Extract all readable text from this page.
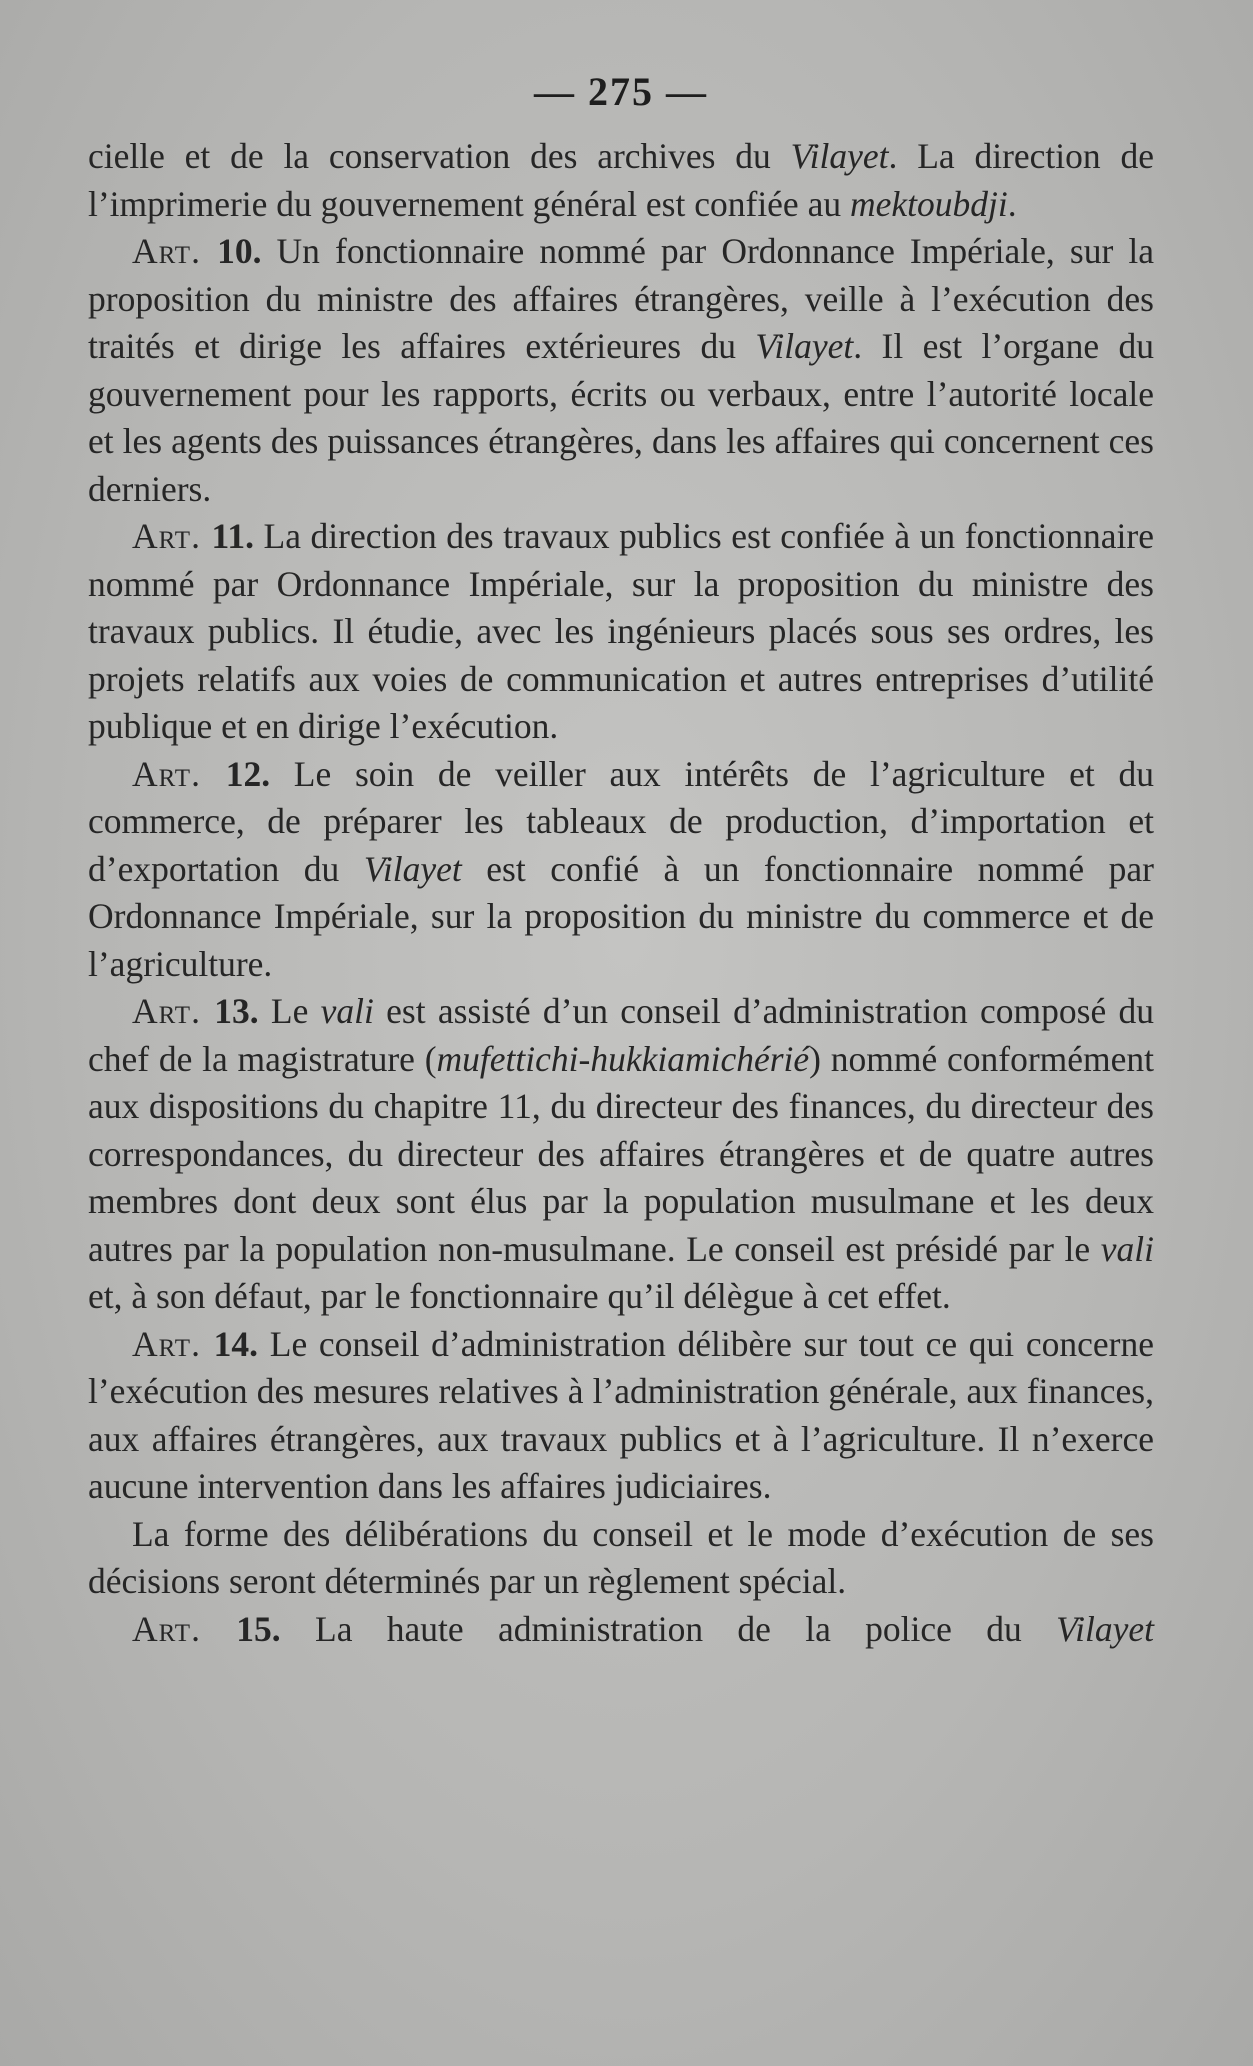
— 275 —

cielle et de la conservation des archives du Vilayet. La direction de l’imprimerie du gouvernement général est confiée au mektoubdji.

Art. 10. Un fonctionnaire nommé par Ordonnance Impériale, sur la proposition du ministre des affaires étrangères, veille à l’exécution des traités et dirige les affaires extérieures du Vilayet. Il est l’organe du gouvernement pour les rapports, écrits ou verbaux, entre l’autorité locale et les agents des puissances étrangères, dans les affaires qui concernent ces derniers.

Art. 11. La direction des travaux publics est confiée à un fonctionnaire nommé par Ordonnance Impériale, sur la proposition du ministre des travaux publics. Il étudie, avec les ingénieurs placés sous ses ordres, les projets relatifs aux voies de communication et autres entreprises d’utilité publique et en dirige l’exécution.

Art. 12. Le soin de veiller aux intérêts de l’agriculture et du commerce, de préparer les tableaux de production, d’importation et d’exportation du Vilayet est confié à un fonctionnaire nommé par Ordonnance Impériale, sur la proposition du ministre du commerce et de l’agriculture.

Art. 13. Le vali est assisté d’un conseil d’administration composé du chef de la magistrature (mufettichi-hukkiamichérié) nommé conformément aux dispositions du chapitre 11, du directeur des finances, du directeur des correspondances, du directeur des affaires étrangères et de quatre autres membres dont deux sont élus par la population musulmane et les deux autres par la population non-musulmane. Le conseil est présidé par le vali et, à son défaut, par le fonctionnaire qu’il délègue à cet effet.

Art. 14. Le conseil d’administration délibère sur tout ce qui concerne l’exécution des mesures relatives à l’administration générale, aux finances, aux affaires étrangères, aux travaux publics et à l’agriculture. Il n’exerce aucune intervention dans les affaires judiciaires.

La forme des délibérations du conseil et le mode d’exécution de ses décisions seront déterminés par un règlement spécial.

Art. 15. La haute administration de la police du Vilayet
